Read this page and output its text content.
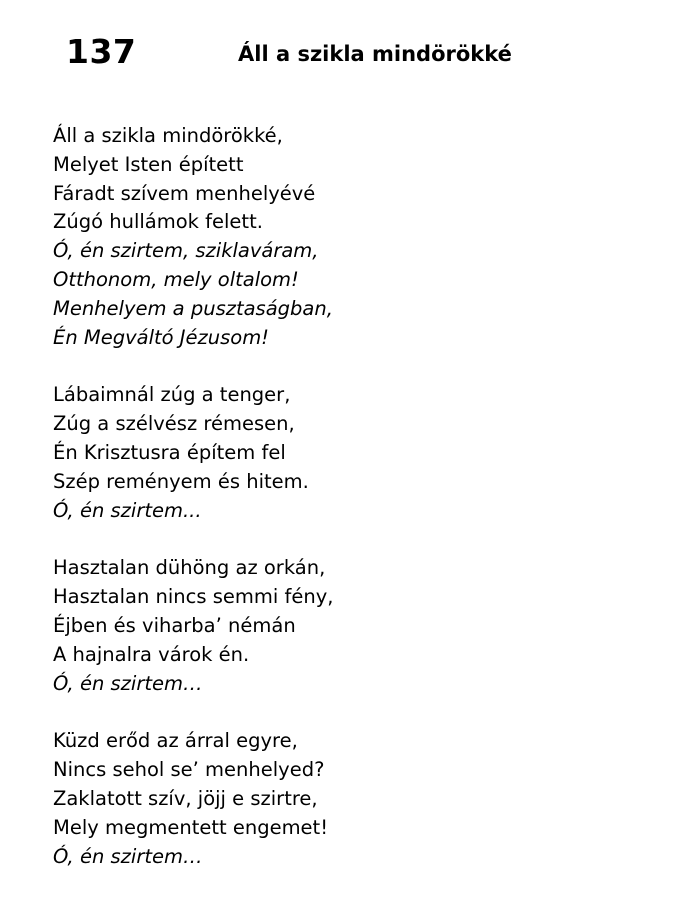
137	Áll a szikla mindörökké
Áll a szikla mindörökké,
Melyet Isten épített
Fáradt szívem menhelyévé
Zúgó hullámok felett.
Ó, én szirtem, sziklaváram,
Otthonom, mely oltalom!
Menhelyem a pusztaságban,
Én Megváltó Jézusom!
Lábaimnál zúg a tenger,
Zúg a szélvész rémesen,
Én Krisztusra építem fel
Szép reményem és hitem.
Ó, én szirtem...
Hasztalan dühöng az orkán,
Hasztalan nincs semmi fény,
Éjben és viharba’ némán
A hajnalra várok én.
Ó, én szirtem…
Küzd erőd az árral egyre,
Nincs sehol se’ menhelyed?
Zaklatott szív, jöjj e szirtre,
Mely megmentett engemet!
Ó, én szirtem…
